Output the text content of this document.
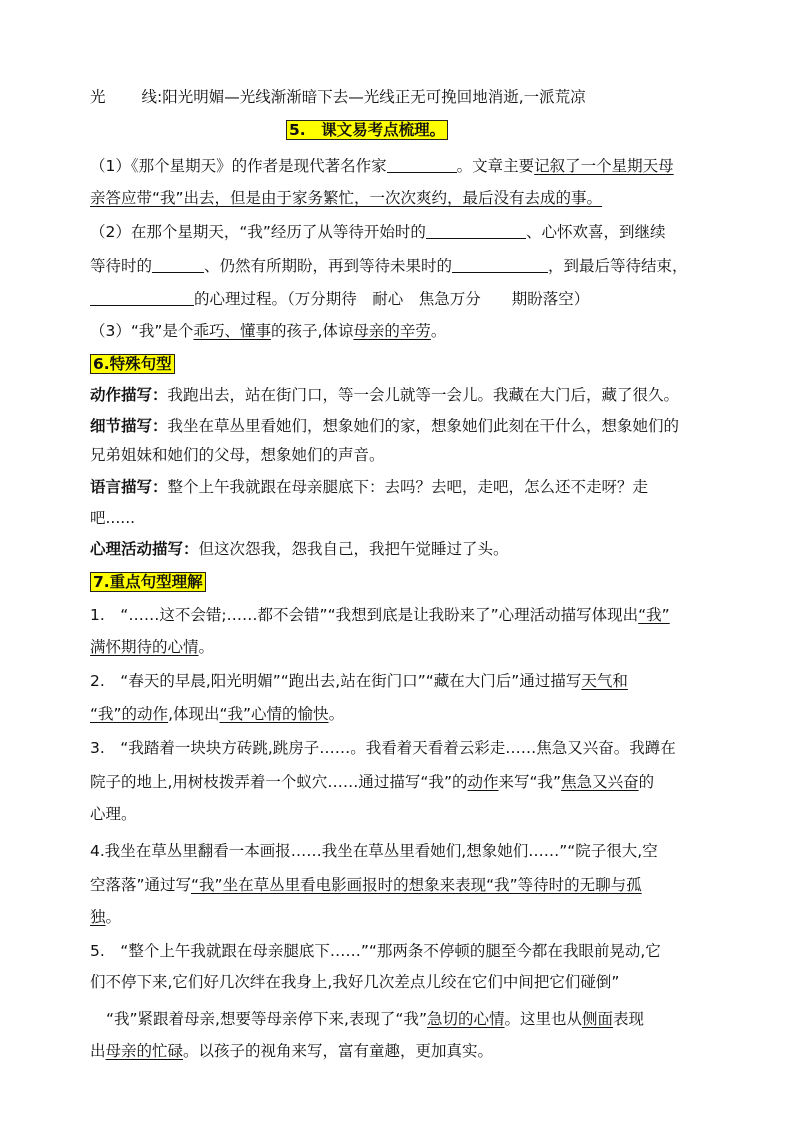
光 线:阳光明媚—光线渐渐暗下去—光线正无可挽回地消逝,一派荒凉
5.　课文易考点梳理。
（1）《那个星期天》的作者是现代著名作家	。文章主要记叙了一个星期天母
亲答应带“我”出去，但是由于家务繁忙，一次次爽约，最后没有去成的事。
（2）在那个星期天，“我”经历了从等待开始时的	、心怀欢喜，到继续
等待时的	、仍然有所期盼，再到等待未果时的	，到最后等待结束，
的心理过程。（万分期待　耐心　焦急万分　　期盼落空）
（3）“我”是个乖巧、懂事的孩子,体谅母亲的辛劳。
6.特殊句型
动作描写：我跑出去，站在街门口，等一会儿就等一会儿。我藏在大门后，藏了很久。
细节描写：我坐在草丛里看她们，想象她们的家，想象她们此刻在干什么，想象她们的
兄弟姐妹和她们的父母，想象她们的声音。
语言描写：整个上午我就跟在母亲腿底下：去吗？去吧，走吧，怎么还不走呀？走
吧......
心理活动描写：但这次怨我，怨我自己，我把午觉睡过了头。
7.重点句型理解
1.　“……这不会错;……都不会错”“我想到底是让我盼来了”心理活动描写体现出“我”
满怀期待的心情。
2.　“春天的早晨,阳光明媚”“跑出去,站在街门口”“藏在大门后”通过描写天气和
“我”的动作,体现出“我”心情的愉快。
3.　“我踏着一块块方砖跳,跳房子……。我看着天看着云彩走……焦急又兴奋。我蹲在
院子的地上,用树枝拨弄着一个蚁穴……通过描写“我”的动作来写“我”焦急又兴奋的
心理。
4.我坐在草丛里翻看一本画报……我坐在草丛里看她们,想象她们……”“院子很大,空
空落落”通过写“我”坐在草丛里看电影画报时的想象来表现“我”等待时的无聊与孤
独。
5.　“整个上午我就跟在母亲腿底下……”“那两条不停顿的腿至今都在我眼前晃动,它
们不停下来,它们好几次绊在我身上,我好几次差点儿绞在它们中间把它们碰倒”
“我”紧跟着母亲,想要等母亲停下来,表现了“我”急切的心情。这里也从侧面表现
出母亲的忙碌。以孩子的视角来写，富有童趣，更加真实。
